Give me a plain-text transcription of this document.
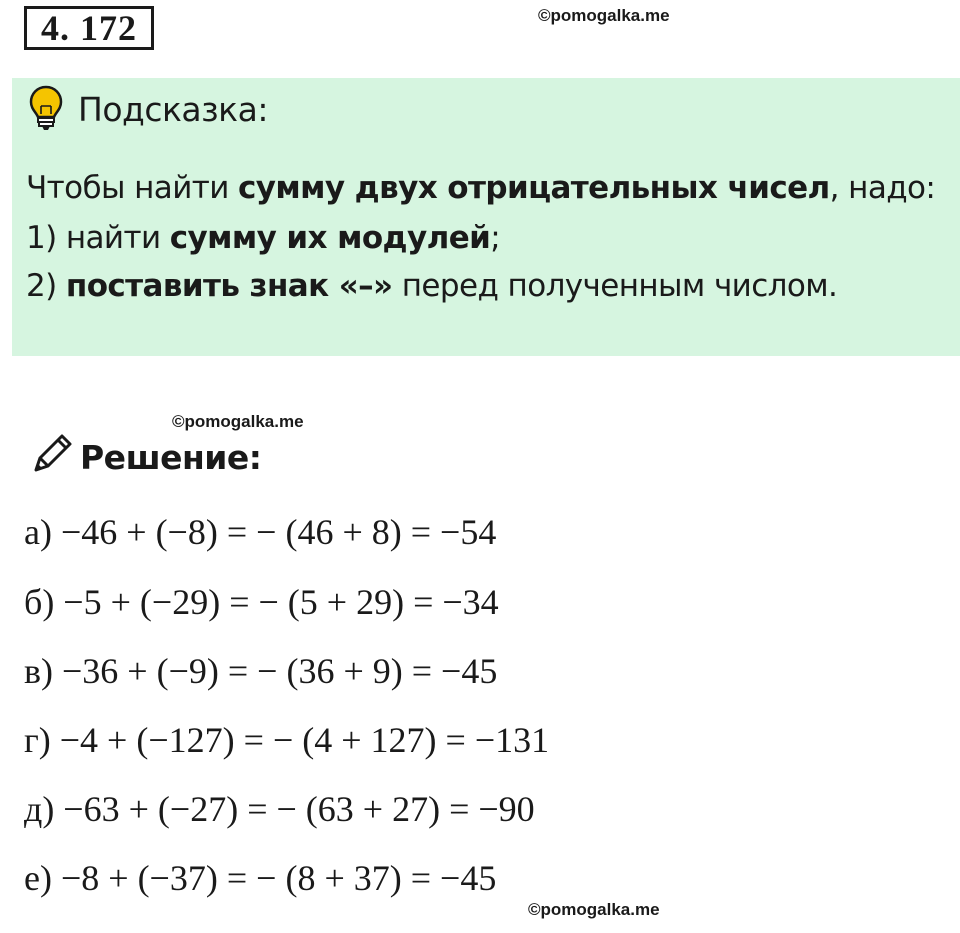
4. 172	©pomogalka.me
Подсказка:
Чтобы найти сумму двух отрицательных чисел, надо:
1) найти сумму их модулей;
2) поставить знак «–» перед полученным числом.
©pomogalka.me
Решение:
а) −46 + (−8) = − (46 + 8) = −54
б) −5 + (−29) = − (5 + 29) = −34
в) −36 + (−9) = − (36 + 9) = −45
г) −4 + (−127) = − (4 + 127) = −131
д) −63 + (−27) = − (63 + 27) = −90
е) −8 + (−37) = − (8 + 37) = −45
©pomogalka.me
